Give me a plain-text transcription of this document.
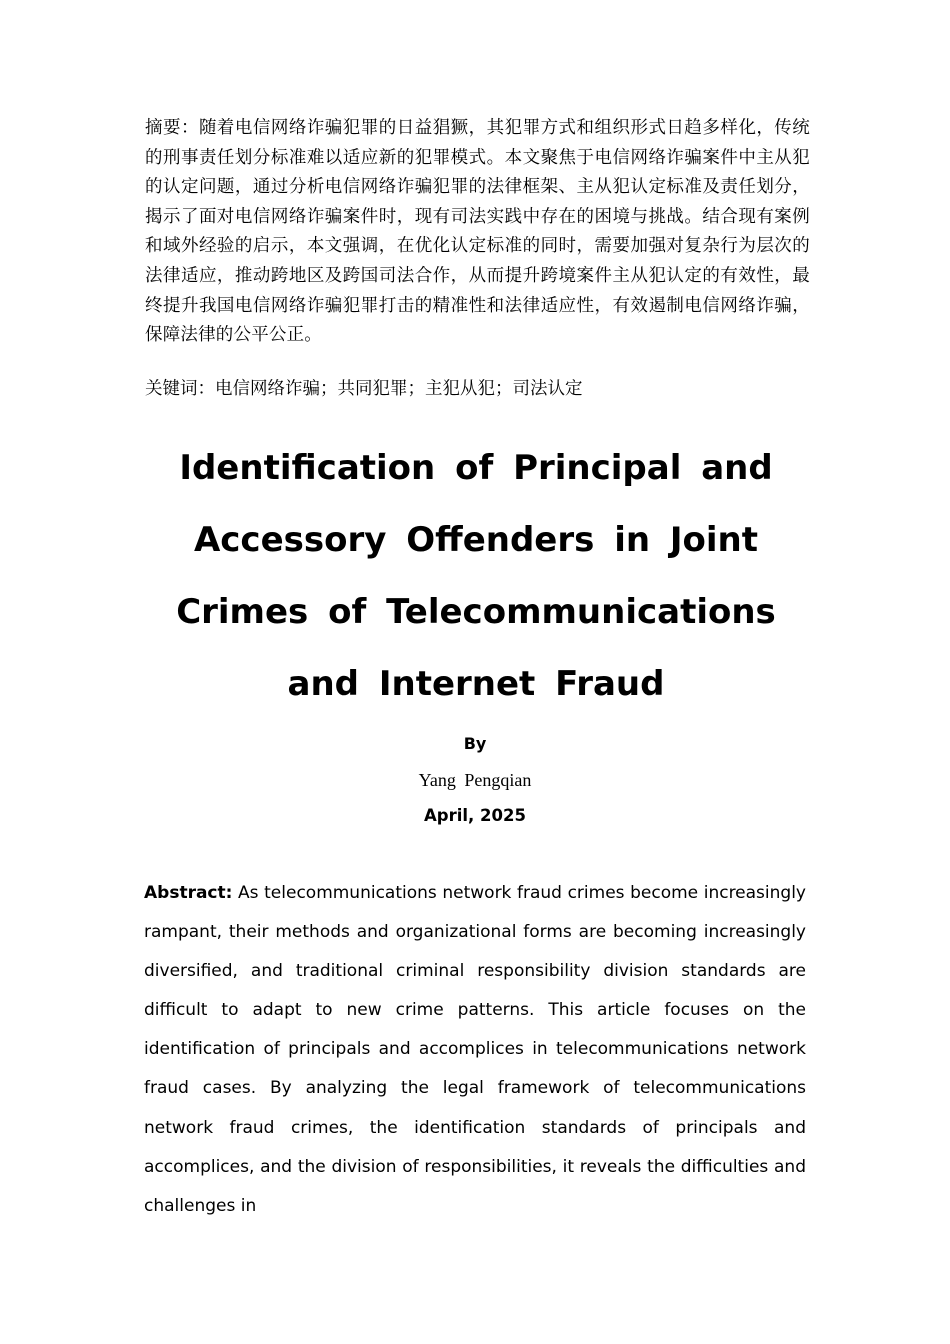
摘要：随着电信网络诈骗犯罪的日益猖獗，其犯罪方式和组织形式日趋多样化，传统的刑事责任划分标准难以适应新的犯罪模式。本文聚焦于电信网络诈骗案件中主从犯的认定问题，通过分析电信网络诈骗犯罪的法律框架、主从犯认定标准及责任划分，揭示了面对电信网络诈骗案件时，现有司法实践中存在的困境与挑战。结合现有案例和域外经验的启示，本文强调，在优化认定标准的同时，需要加强对复杂行为层次的法律适应，推动跨地区及跨国司法合作，从而提升跨境案件主从犯认定的有效性，最终提升我国电信网络诈骗犯罪打击的精准性和法律适应性，有效遏制电信网络诈骗，保障法律的公平公正。

关键词：电信网络诈骗；共同犯罪；主犯从犯；司法认定

Identification of Principal and Accessory Offenders in Joint Crimes of Telecommunications and Internet Fraud

By

Yang Pengqian

April, 2025

Abstract: As telecommunications network fraud crimes become increasingly rampant, their methods and organizational forms are becoming increasingly diversified, and traditional criminal responsibility division standards are difficult to adapt to new crime patterns. This article focuses on the identification of principals and accomplices in telecommunications network fraud cases. By analyzing the legal framework of telecommunications network fraud crimes, the identification standards of principals and accomplices, and the division of responsibilities, it reveals the difficulties and challenges in
